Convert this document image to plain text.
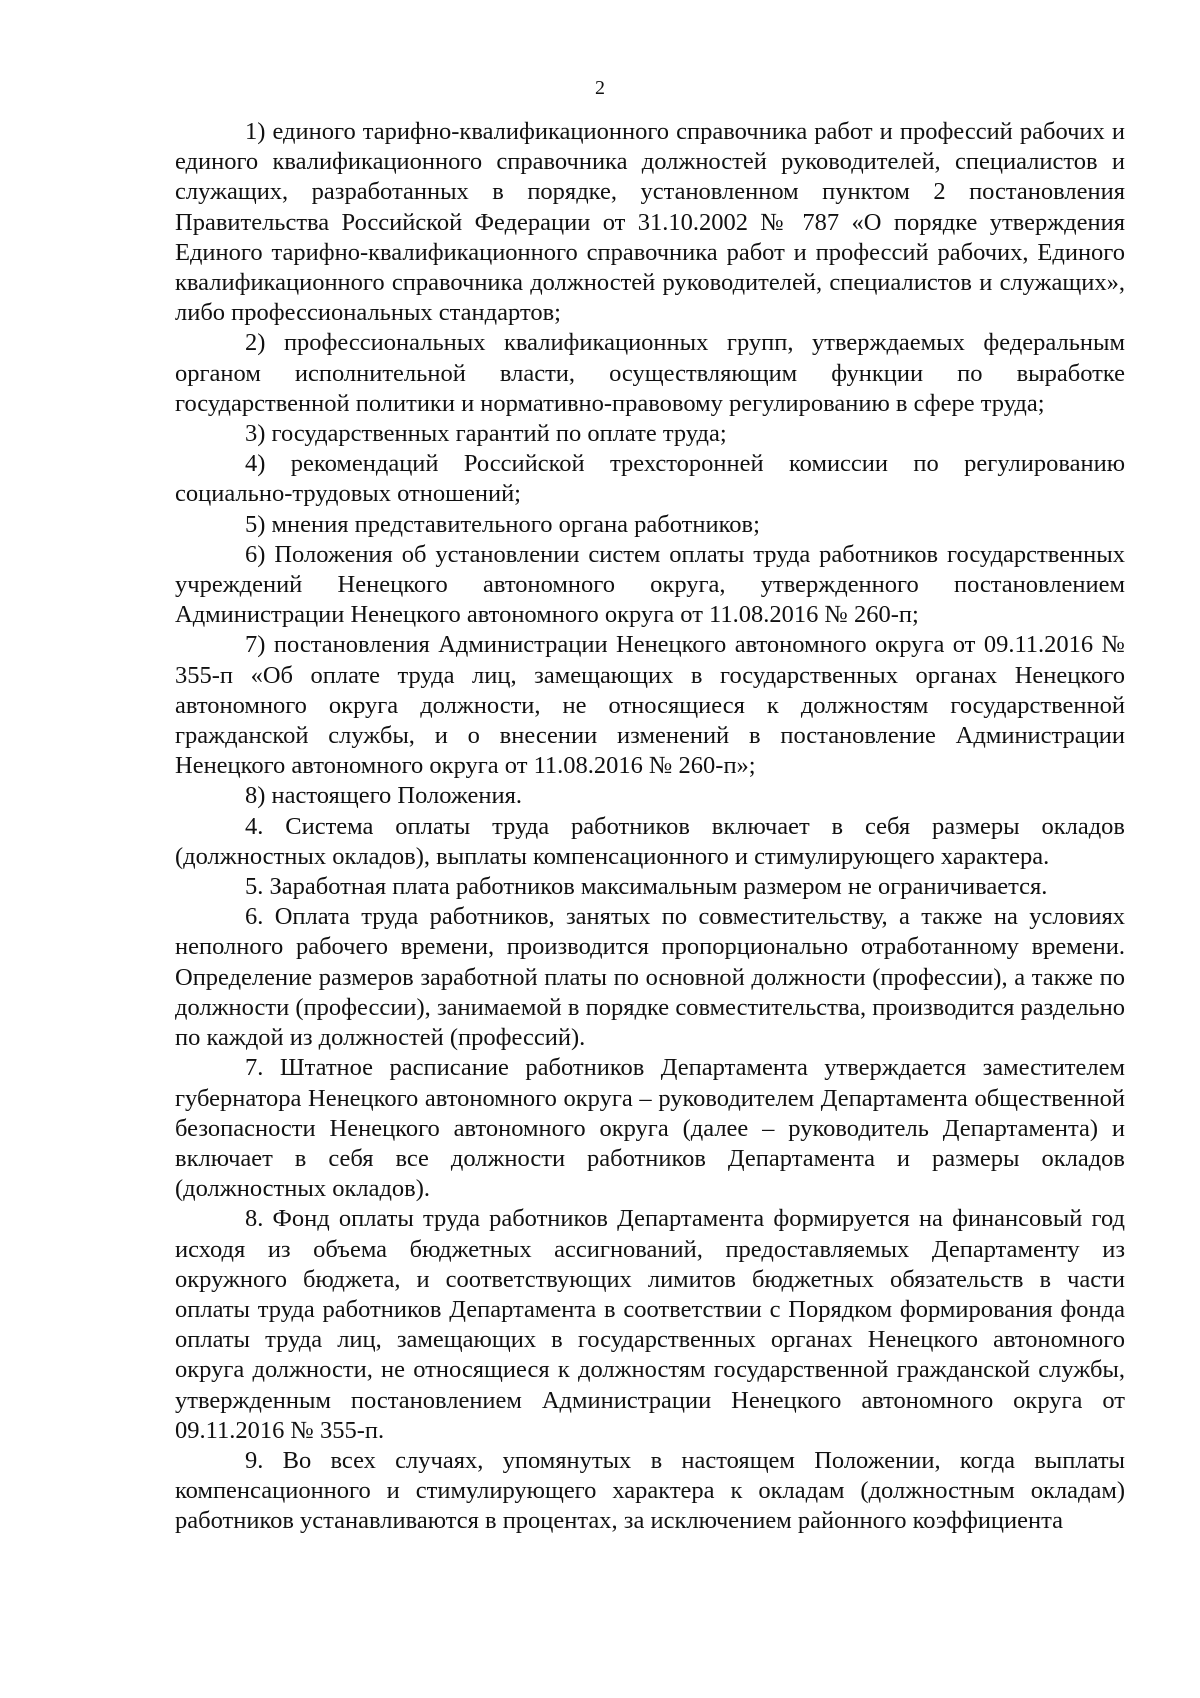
2

1) единого тарифно-квалификационного справочника работ и профессий рабочих и единого квалификационного справочника должностей руководителей, специалистов и служащих, разработанных в порядке, установленном пунктом 2 постановления Правительства Российской Федерации от 31.10.2002 № 787 «О порядке утверждения Единого тарифно-квалификационного справочника работ и профессий рабочих, Единого квалификационного справочника должностей руководителей, специалистов и служащих», либо профессиональных стандартов;

2) профессиональных квалификационных групп, утверждаемых федеральным органом исполнительной власти, осуществляющим функции по выработке государственной политики и нормативно-правовому регулированию в сфере труда;

3) государственных гарантий по оплате труда;

4) рекомендаций Российской трехсторонней комиссии по регулированию социально-трудовых отношений;

5) мнения представительного органа работников;

6) Положения об установлении систем оплаты труда работников государственных учреждений Ненецкого автономного округа, утвержденного постановлением Администрации Ненецкого автономного округа от 11.08.2016 № 260-п;

7) постановления Администрации Ненецкого автономного округа от 09.11.2016 № 355-п «Об оплате труда лиц, замещающих в государственных органах Ненецкого автономного округа должности, не относящиеся к должностям государственной гражданской службы, и о внесении изменений в постановление Администрации Ненецкого автономного округа от 11.08.2016 № 260-п»;

8) настоящего Положения.

4. Система оплаты труда работников включает в себя размеры окладов (должностных окладов), выплаты компенсационного и стимулирующего характера.

5. Заработная плата работников максимальным размером не ограничивается.

6. Оплата труда работников, занятых по совместительству, а также на условиях неполного рабочего времени, производится пропорционально отработанному времени. Определение размеров заработной платы по основной должности (профессии), а также по должности (профессии), занимаемой в порядке совместительства, производится раздельно по каждой из должностей (профессий).

7. Штатное расписание работников Департамента утверждается заместителем губернатора Ненецкого автономного округа – руководителем Департамента общественной безопасности Ненецкого автономного округа (далее – руководитель Департамента) и включает в себя все должности работников Департамента и размеры окладов (должностных окладов).

8. Фонд оплаты труда работников Департамента формируется на финансовый год исходя из объема бюджетных ассигнований, предоставляемых Департаменту из окружного бюджета, и соответствующих лимитов бюджетных обязательств в части оплаты труда работников Департамента в соответствии с Порядком формирования фонда оплаты труда лиц, замещающих в государственных органах Ненецкого автономного округа должности, не относящиеся к должностям государственной гражданской службы, утвержденным постановлением Администрации Ненецкого автономного округа от 09.11.2016 № 355-п.

9. Во всех случаях, упомянутых в настоящем Положении, когда выплаты компенсационного и стимулирующего характера к окладам (должностным окладам) работников устанавливаются в процентах, за исключением районного коэффициента
